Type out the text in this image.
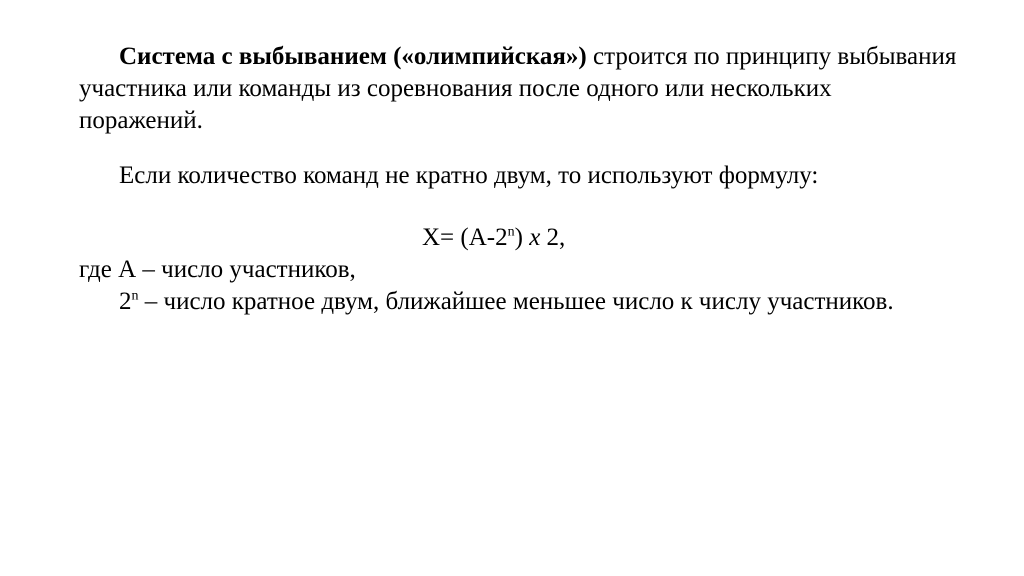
Система с выбыванием («олимпийская») строится по принципу выбывания участника или команды из соревнования после одного или нескольких поражений.

Если количество команд не кратно двум, то используют формулу:

$X= (А-2^n)$ х 2,

где А – число участников,

2$^n$ – число кратное двум, ближайшее меньшее число к числу участников.
